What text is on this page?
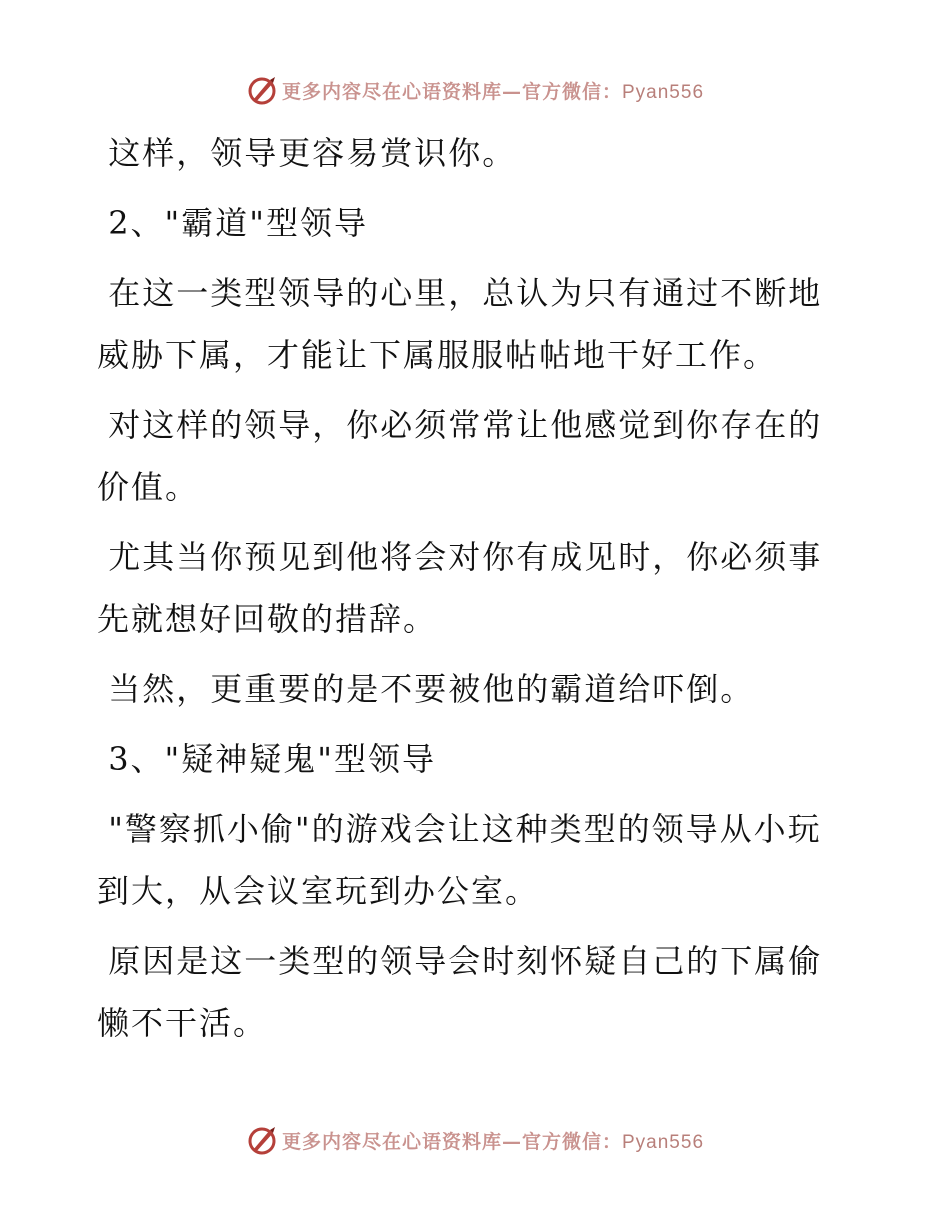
更多内容尽在心语资料库—官方微信：Pyan556

这样，领导更容易赏识你。

2、"霸道"型领导

在这一类型领导的心里，总认为只有通过不断地威胁下属，才能让下属服服帖帖地干好工作。

对这样的领导，你必须常常让他感觉到你存在的价值。

尤其当你预见到他将会对你有成见时，你必须事先就想好回敬的措辞。

当然，更重要的是不要被他的霸道给吓倒。

3、"疑神疑鬼"型领导

"警察抓小偷"的游戏会让这种类型的领导从小玩到大，从会议室玩到办公室。

原因是这一类型的领导会时刻怀疑自己的下属偷懒不干活。

更多内容尽在心语资料库—官方微信：Pyan556
